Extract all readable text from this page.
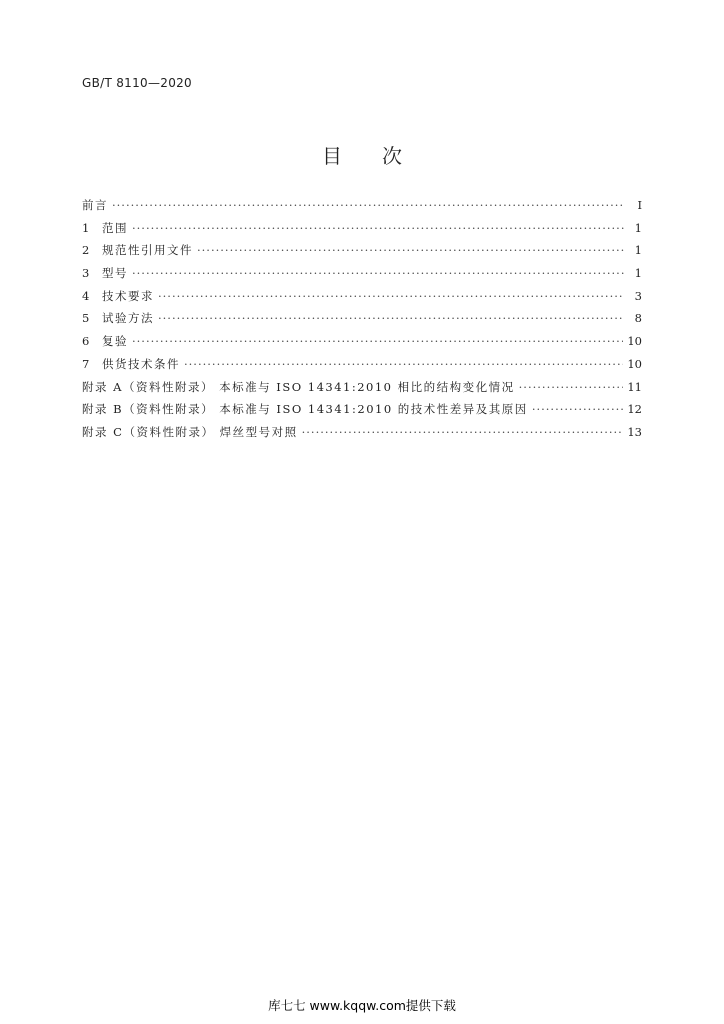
GB/T 8110—2020
目次
前言 ·····	I
1 范围 ·····	1
2 规范性引用文件 ·····	1
3 型号 ·····	1
4 技术要求 ·····	3
5 试验方法 ·····	8
6 复验 ·····	10
7 供货技术条件 ·····	10
附录 A（资料性附录） 本标准与 ISO 14341:2010 相比的结构变化情况 ·····	11
附录 B（资料性附录） 本标准与 ISO 14341:2010 的技术性差异及其原因 ·····	12
附录 C（资料性附录） 焊丝型号对照 ·····	13
库七七 www.kqqw.com提供下载
